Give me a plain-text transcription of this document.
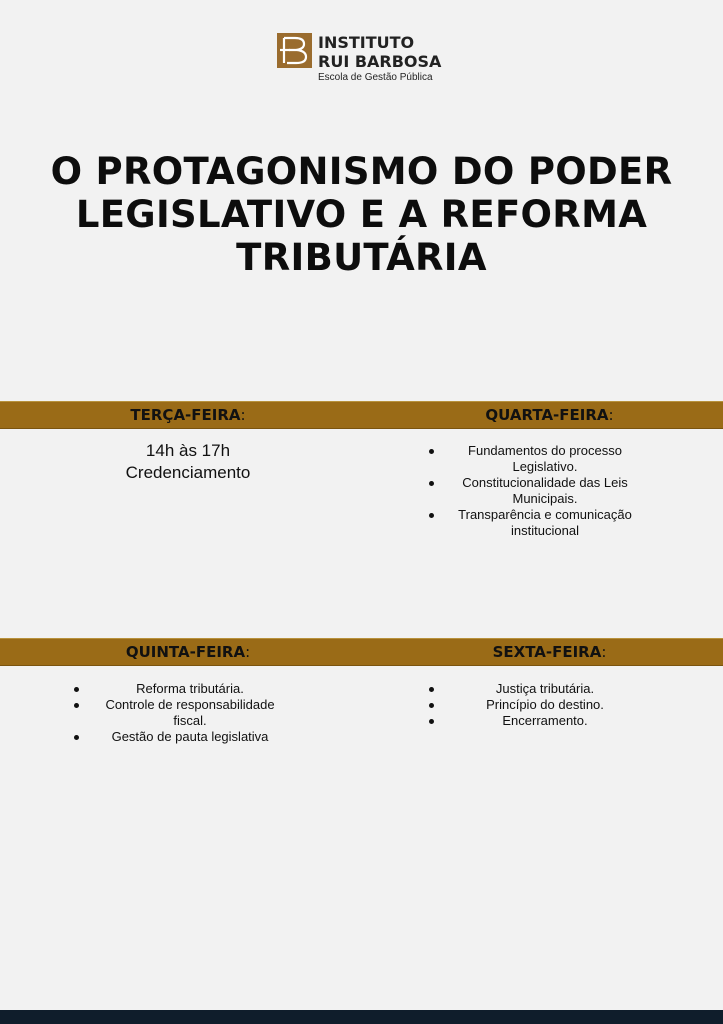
INSTITUTO
RUI BARBOSA
Escola de Gestão Pública
O PROTAGONISMO DO PODER
LEGISLATIVO E A REFORMA
TRIBUTÁRIA
TERÇA-FEIRA:	QUARTA-FEIRA:
14h às 17h
Credenciamento
Fundamentos do processo Legislativo.
Constitucionalidade das Leis Municipais.
Transparência e comunicação institucional
QUINTA-FEIRA:	SEXTA-FEIRA:
Reforma tributária.
Controle de responsabilidade fiscal.
Gestão de pauta legislativa
Justiça tributária.
Princípio do destino.
Encerramento.
